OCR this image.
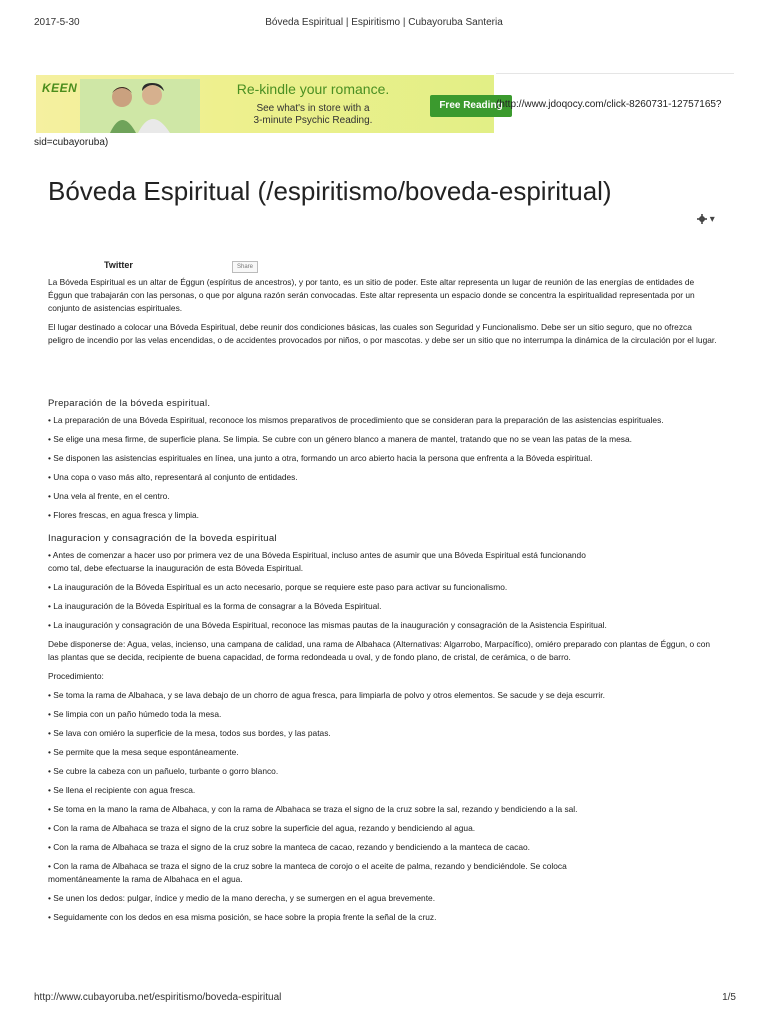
2017-5-30	Bóveda Espiritual | Espiritismo | Cubayoruba Santeria
KEEN	Re-kindle your romance.
See what's in store with a
3-minute Psychic Reading.
Free Reading
(http://www.jdoqocy.com/click-8260731-12757165?
sid=cubayoruba)
Bóveda Espiritual (/espiritismo/boveda-espiritual)
▾
Twitter	Share

La Bóveda Espiritual es un altar de Éggun (espíritus de ancestros), y por tanto, es un sitio de poder. Este altar representa un lugar de reunión de las energías de entidades de Éggun que trabajarán con las personas, o que por alguna razón serán convocadas. Este altar representa un espacio donde se concentra la espiritualidad representada por un conjunto de asistencias espirituales.

El lugar destinado a colocar una Bóveda Espiritual, debe reunir dos condiciones básicas, las cuales son Seguridad y Funcionalismo. Debe ser un sitio seguro, que no ofrezca peligro de incendio por las velas encendidas, o de accidentes provocados por niños, o por mascotas. y debe ser un sitio que no interrumpa la dinámica de la circulación por el lugar.

Preparación de la bóveda espiritual.

• La preparación de una Bóveda Espiritual, reconoce los mismos preparativos de procedimiento que se consideran para la preparación de las asistencias espirituales.

• Se elige una mesa firme, de superficie plana. Se limpia. Se cubre con un género blanco a manera de mantel, tratando que no se vean las patas de la mesa.

• Se disponen las asistencias espirituales en línea, una junto a otra, formando un arco abierto hacia la persona que enfrenta a la Bóveda espiritual.

• Una copa o vaso más alto, representará al conjunto de entidades.

• Una vela al frente, en el centro.

• Flores frescas, en agua fresca y limpia.

Inaguracion y consagración de la boveda espiritual

• Antes de comenzar a hacer uso por primera vez de una Bóveda Espiritual, incluso antes de asumir que una Bóveda Espiritual está funcionando como tal, debe efectuarse la inauguración de esta Bóveda Espiritual.

• La inauguración de la Bóveda Espiritual es un acto necesario, porque se requiere este paso para activar su funcionalismo.

• La inauguración de la Bóveda Espiritual es la forma de consagrar a la Bóveda Espiritual.

• La inauguración y consagración de una Bóveda Espiritual, reconoce las mismas pautas de la inauguración y consagración de la Asistencia Espiritual.

Debe disponerse de: Agua, velas, incienso, una campana de calidad, una rama de Albahaca (Alternativas: Algarrobo, Marpacífico), omiéro preparado con plantas de Éggun, o con las plantas que se decida, recipiente de buena capacidad, de forma redondeada u oval, y de fondo plano, de cristal, de cerámica, o de barro.

Procedimiento:

• Se toma la rama de Albahaca, y se lava debajo de un chorro de agua fresca, para limpiarla de polvo y otros elementos. Se sacude y se deja escurrir.

• Se limpia con un paño húmedo toda la mesa.

• Se lava con omiéro la superficie de la mesa, todos sus bordes, y las patas.

• Se permite que la mesa seque espontáneamente.

• Se cubre la cabeza con un pañuelo, turbante o gorro blanco.

• Se llena el recipiente con agua fresca.

• Se toma en la mano la rama de Albahaca, y con la rama de Albahaca se traza el signo de la cruz sobre la sal, rezando y bendiciendo a la sal.

• Con la rama de Albahaca se traza el signo de la cruz sobre la superficie del agua, rezando y bendiciendo al agua.

• Con la rama de Albahaca se traza el signo de la cruz sobre la manteca de cacao, rezando y bendiciendo a la manteca de cacao.

• Con la rama de Albahaca se traza el signo de la cruz sobre la manteca de corojo o el aceite de palma, rezando y bendiciéndole. Se coloca momentáneamente la rama de Albahaca en el agua.

• Se unen los dedos: pulgar, índice y medio de la mano derecha, y se sumergen en el agua brevemente.

• Seguidamente con los dedos en esa misma posición, se hace sobre la propia frente la señal de la cruz.

http://www.cubayoruba.net/espiritismo/boveda-espiritual	1/5
